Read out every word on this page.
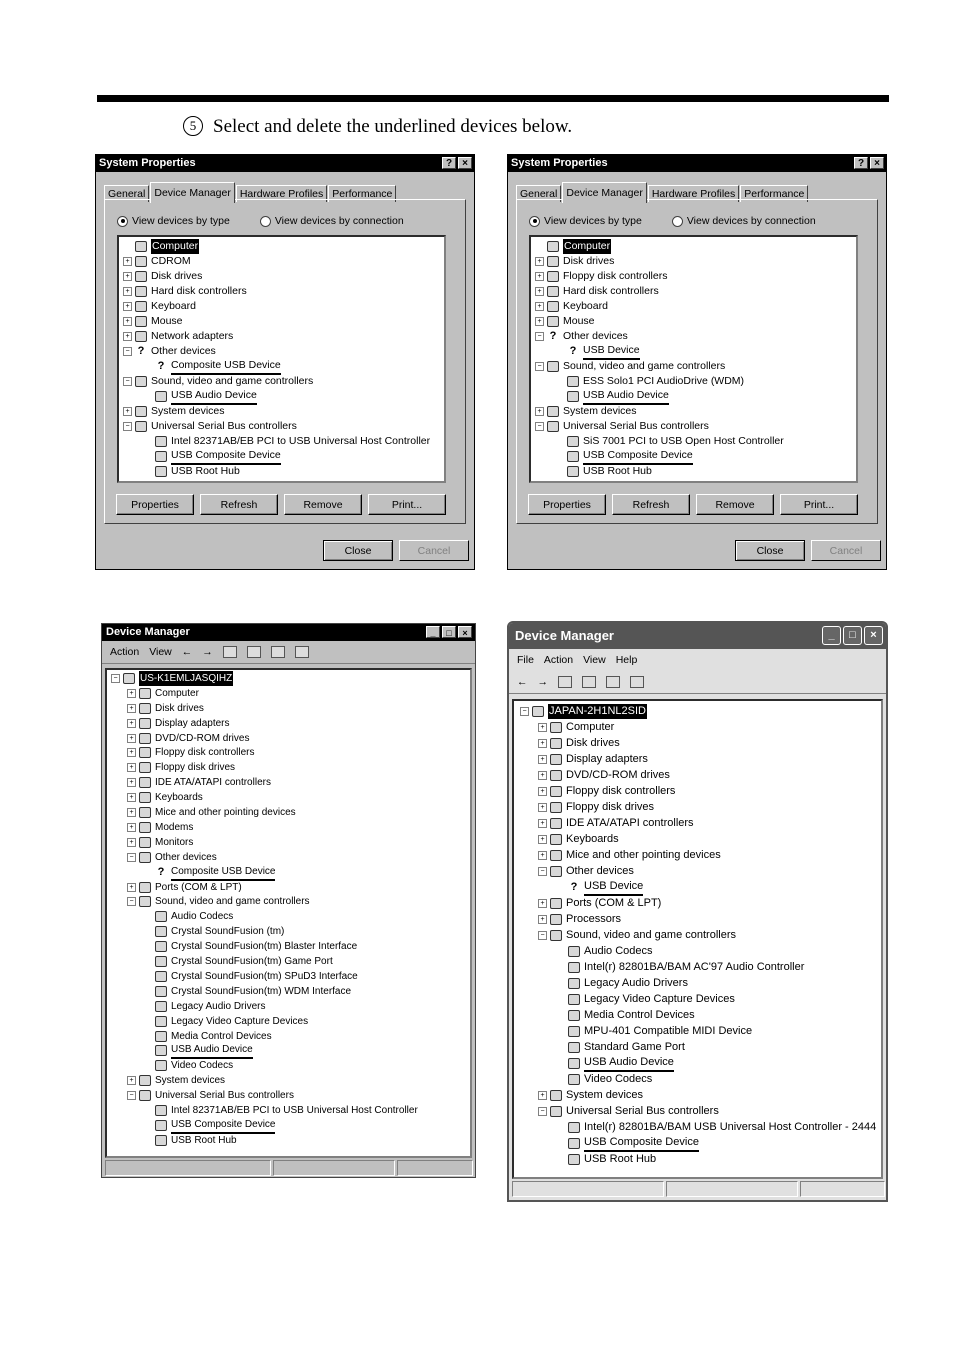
5 Select and delete the underlined devices below.
System Properties	?	×
General Device Manager Hardware Profiles Performance
View devices by type	View devices by connection
Computer
+ CDROM
+ Disk drives
+ Hard disk controllers
+ Keyboard
+ Mouse
+ Network adapters
− ? Other devices
? Composite USB Device
− Sound, video and game controllers
USB Audio Device
+ System devices
− Universal Serial Bus controllers
Intel 82371AB/EB PCI to USB Universal Host Controller
USB Composite Device
USB Root Hub
Properties	Refresh	Remove	Print...
Close	Cancel
System Properties	?	×
General Device Manager Hardware Profiles Performance
View devices by type	View devices by connection
Computer
+ Disk drives
+ Floppy disk controllers
+ Hard disk controllers
+ Keyboard
+ Mouse
− ? Other devices
? USB Device
− Sound, video and game controllers
ESS Solo1 PCI AudioDrive (WDM)
USB Audio Device
+ System devices
− Universal Serial Bus controllers
SiS 7001 PCI to USB Open Host Controller
USB Composite Device
USB Root Hub
Properties	Refresh	Remove	Print...
Close	Cancel
Device Manager	_	□	×
Action View ← →
− US-K1EMLJASQIHZ
+ Computer
+ Disk drives
+ Display adapters
+ DVD/CD-ROM drives
+ Floppy disk controllers
+ Floppy disk drives
+ IDE ATA/ATAPI controllers
+ Keyboards
+ Mice and other pointing devices
+ Modems
+ Monitors
− Other devices
? Composite USB Device
+ Ports (COM & LPT)
− Sound, video and game controllers
Audio Codecs
Crystal SoundFusion (tm)
Crystal SoundFusion(tm) Blaster Interface
Crystal SoundFusion(tm) Game Port
Crystal SoundFusion(tm) SPuD3 Interface
Crystal SoundFusion(tm) WDM Interface
Legacy Audio Drivers
Legacy Video Capture Devices
Media Control Devices
USB Audio Device
Video Codecs
+ System devices
− Universal Serial Bus controllers
Intel 82371AB/EB PCI to USB Universal Host Controller
USB Composite Device
USB Root Hub
Device Manager	_	□	×
File Action View Help
← →
− JAPAN-2H1NL2SID
+ Computer
+ Disk drives
+ Display adapters
+ DVD/CD-ROM drives
+ Floppy disk controllers
+ Floppy disk drives
+ IDE ATA/ATAPI controllers
+ Keyboards
+ Mice and other pointing devices
− Other devices
? USB Device
+ Ports (COM & LPT)
+ Processors
− Sound, video and game controllers
Audio Codecs
Intel(r) 82801BA/BAM AC'97 Audio Controller
Legacy Audio Drivers
Legacy Video Capture Devices
Media Control Devices
MPU-401 Compatible MIDI Device
Standard Game Port
USB Audio Device
Video Codecs
+ System devices
− Universal Serial Bus controllers
Intel(r) 82801BA/BAM USB Universal Host Controller - 2444
USB Composite Device
USB Root Hub
